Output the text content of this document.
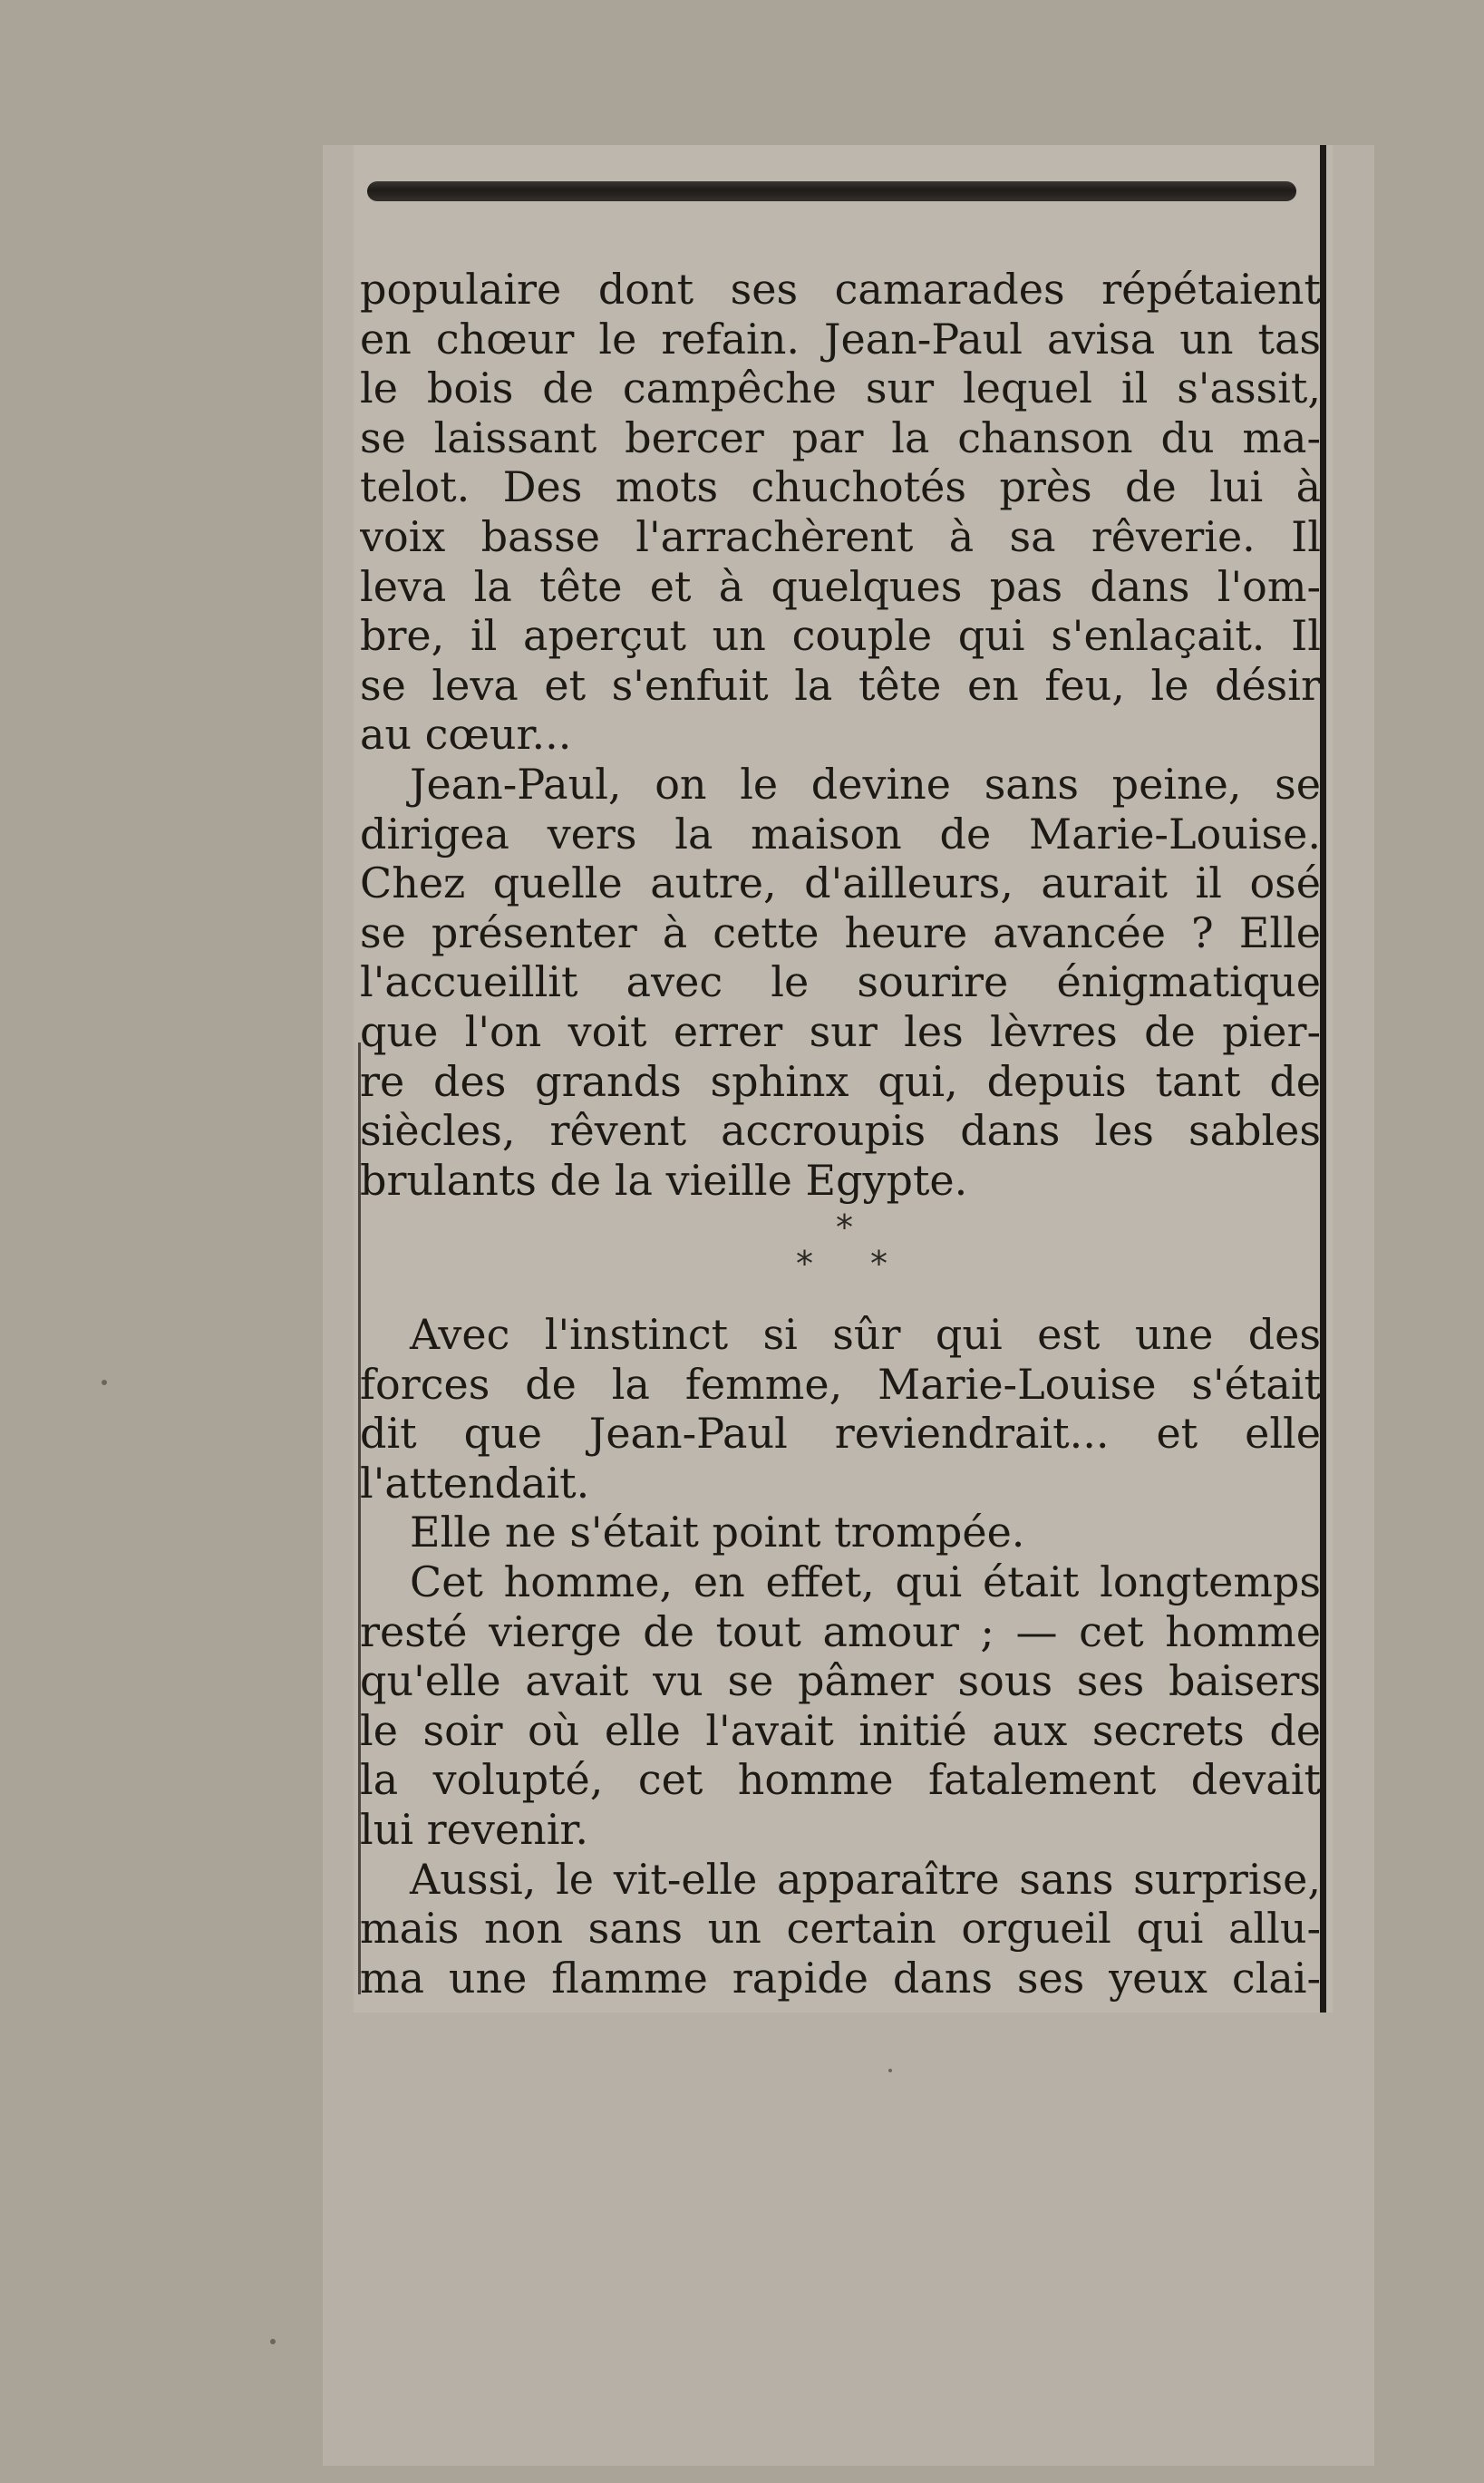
populaire dont ses camarades répétaient
en chœur le refain. Jean-Paul avisa un tas
le bois de campêche sur lequel il s'assit,
se laissant bercer par la chanson du ma-
telot. Des mots chuchotés près de lui à
voix basse l'arrachèrent à sa rêverie. Il
leva la tête et à quelques pas dans l'om-
bre, il aperçut un couple qui s'enlaçait. Il
se leva et s'enfuit la tête en feu, le désir
au cœur...
Jean-Paul, on le devine sans peine, se
dirigea vers la maison de Marie-Louise.
Chez quelle autre, d'ailleurs, aurait il osé
se présenter à cette heure avancée ? Elle
l'accueillit avec le sourire énigmatique
que l'on voit errer sur les lèvres de pier-
re des grands sphinx qui, depuis tant de
siècles, rêvent accroupis dans les sables
brulants de la vieille Egypte.
*
* *
Avec l'instinct si sûr qui est une des
forces de la femme, Marie-Louise s'était
dit que Jean-Paul reviendrait... et elle
l'attendait.
Elle ne s'était point trompée.
Cet homme, en effet, qui était longtemps
resté vierge de tout amour ; — cet homme
qu'elle avait vu se pâmer sous ses baisers
le soir où elle l'avait initié aux secrets de
la volupté, cet homme fatalement devait
lui revenir.
Aussi, le vit-elle apparaître sans surprise,
mais non sans un certain orgueil qui allu-
ma une flamme rapide dans ses yeux clai-
